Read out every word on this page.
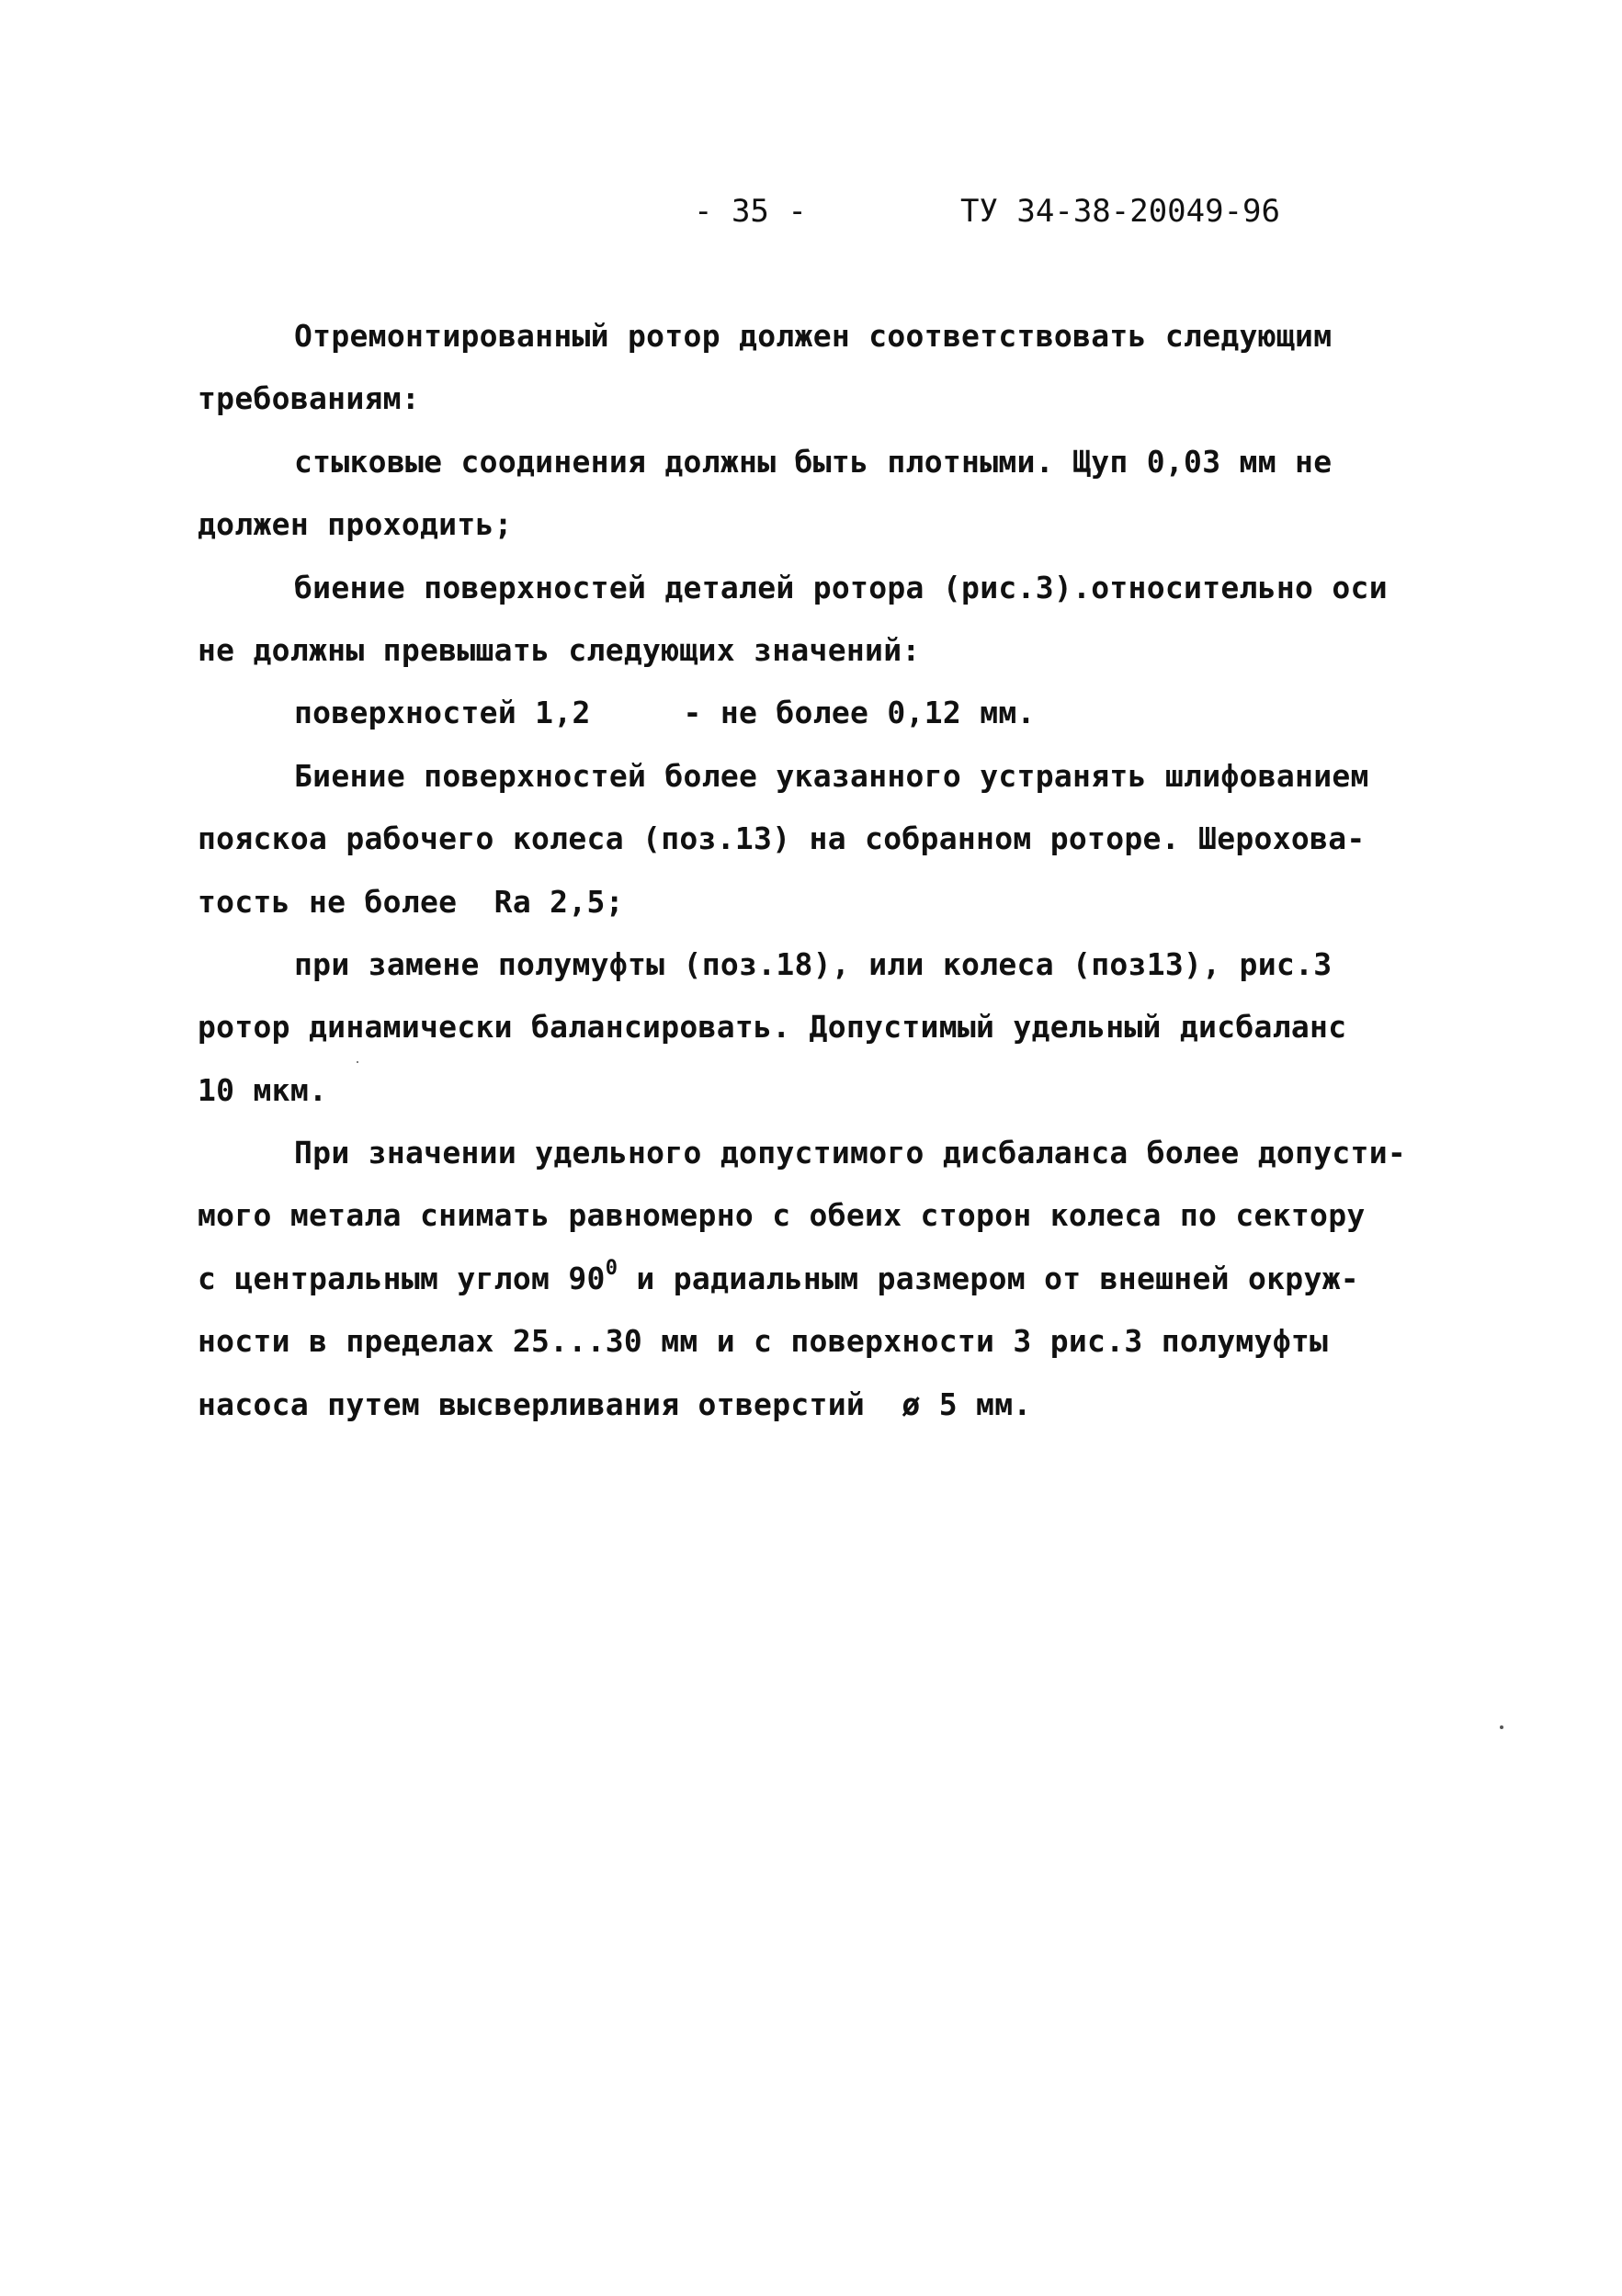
- 35 -	ТУ 34-38-20049-96
Отремонтированный ротор должен соответствовать следующим
требованиям:
стыковые соодинения должны быть плотными. Щуп 0,03 мм не
должен проходить;
биение поверхностей деталей ротора (рис.3).относительно оси
не должны превышать следующих значений:
поверхностей 1,2     - не более 0,12 мм.
Биение поверхностей более указанного устранять шлифованием
пояскоа рабочего колеса (поз.13) на собранном роторе. Шерохова-
тость не более  Ra 2,5;
при замене полумуфты (поз.18), или колеса (поз13), рис.3
ротор динамически балансировать. Допустимый удельный дисбаланс
10 мкм.
При значении удельного допустимого дисбаланса более допусти-
мого метала снимать равномерно с обеих сторон колеса по сектору
с центральным углом $90^0$ и радиальным размером от внешней окруж-
ности в пределах 25...30 мм и с поверхности 3 рис.3 полумуфты
насоса путем высверливания отверстий  ø 5 мм.
